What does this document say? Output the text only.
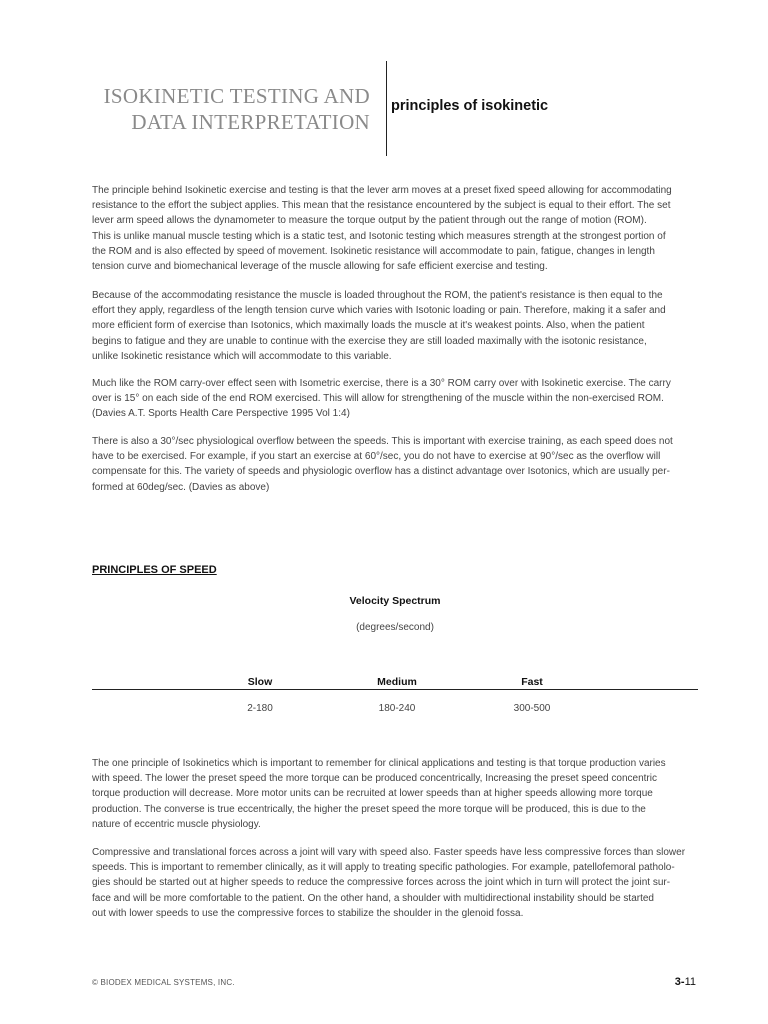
ISOKINETIC TESTING AND
DATA INTERPRETATION
principles of isokinetic
The principle behind Isokinetic exercise and testing is that the lever arm moves at a preset fixed speed allowing for accommodating
resistance to the effort the subject applies. This mean that the resistance encountered by the subject is equal to their effort. The set
lever arm speed allows the dynamometer to measure the torque output by the patient through out the range of motion (ROM).
This is unlike manual muscle testing which is a static test, and Isotonic testing which measures strength at the strongest portion of
the ROM and is also effected by speed of movement. Isokinetic resistance will accommodate to pain, fatigue, changes in length
tension curve and biomechanical leverage of the muscle allowing for safe efficient exercise and testing.
Because of the accommodating resistance the muscle is loaded throughout the ROM, the patient's resistance is then equal to the
effort they apply, regardless of the length tension curve which varies with Isotonic loading or pain. Therefore, making it a safer and
more efficient form of exercise than Isotonics, which maximally loads the muscle at it's weakest points. Also, when the patient
begins to fatigue and they are unable to continue with the exercise they are still loaded maximally with the isotonic resistance,
unlike Isokinetic resistance which will accommodate to this variable.
Much like the ROM carry-over effect seen with Isometric exercise, there is a 30° ROM carry over with Isokinetic exercise. The carry
over is 15° on each side of the end ROM exercised. This will allow for strengthening of the muscle within the non-exercised ROM.
(Davies A.T. Sports Health Care Perspective 1995 Vol 1:4)
There is also a 30°/sec physiological overflow between the speeds. This is important with exercise training, as each speed does not
have to be exercised. For example, if you start an exercise at 60°/sec, you do not have to exercise at 90°/sec as the overflow will
compensate for this. The variety of speeds and physiologic overflow has a distinct advantage over Isotonics, which are usually per-
formed at 60deg/sec. (Davies as above)
PRINCIPLES OF SPEED
Velocity Spectrum
(degrees/second)
Slow	Medium	Fast
2-180	180-240	300-500
The one principle of Isokinetics which is important to remember for clinical applications and testing is that torque production varies
with speed. The lower the preset speed the more torque can be produced concentrically, Increasing the preset speed concentric
torque production will decrease. More motor units can be recruited at lower speeds than at higher speeds allowing more torque
production. The converse is true eccentrically, the higher the preset speed the more torque will be produced, this is due to the
nature of eccentric muscle physiology.
Compressive and translational forces across a joint will vary with speed also. Faster speeds have less compressive forces than slower
speeds. This is important to remember clinically, as it will apply to treating specific pathologies. For example, patellofemoral patholo-
gies should be started out at higher speeds to reduce the compressive forces across the joint which in turn will protect the joint sur-
face and will be more comfortable to the patient. On the other hand, a shoulder with multidirectional instability should be started
out with lower speeds to use the compressive forces to stabilize the shoulder in the glenoid fossa.
© BIODEX MEDICAL SYSTEMS, INC.	3-11
